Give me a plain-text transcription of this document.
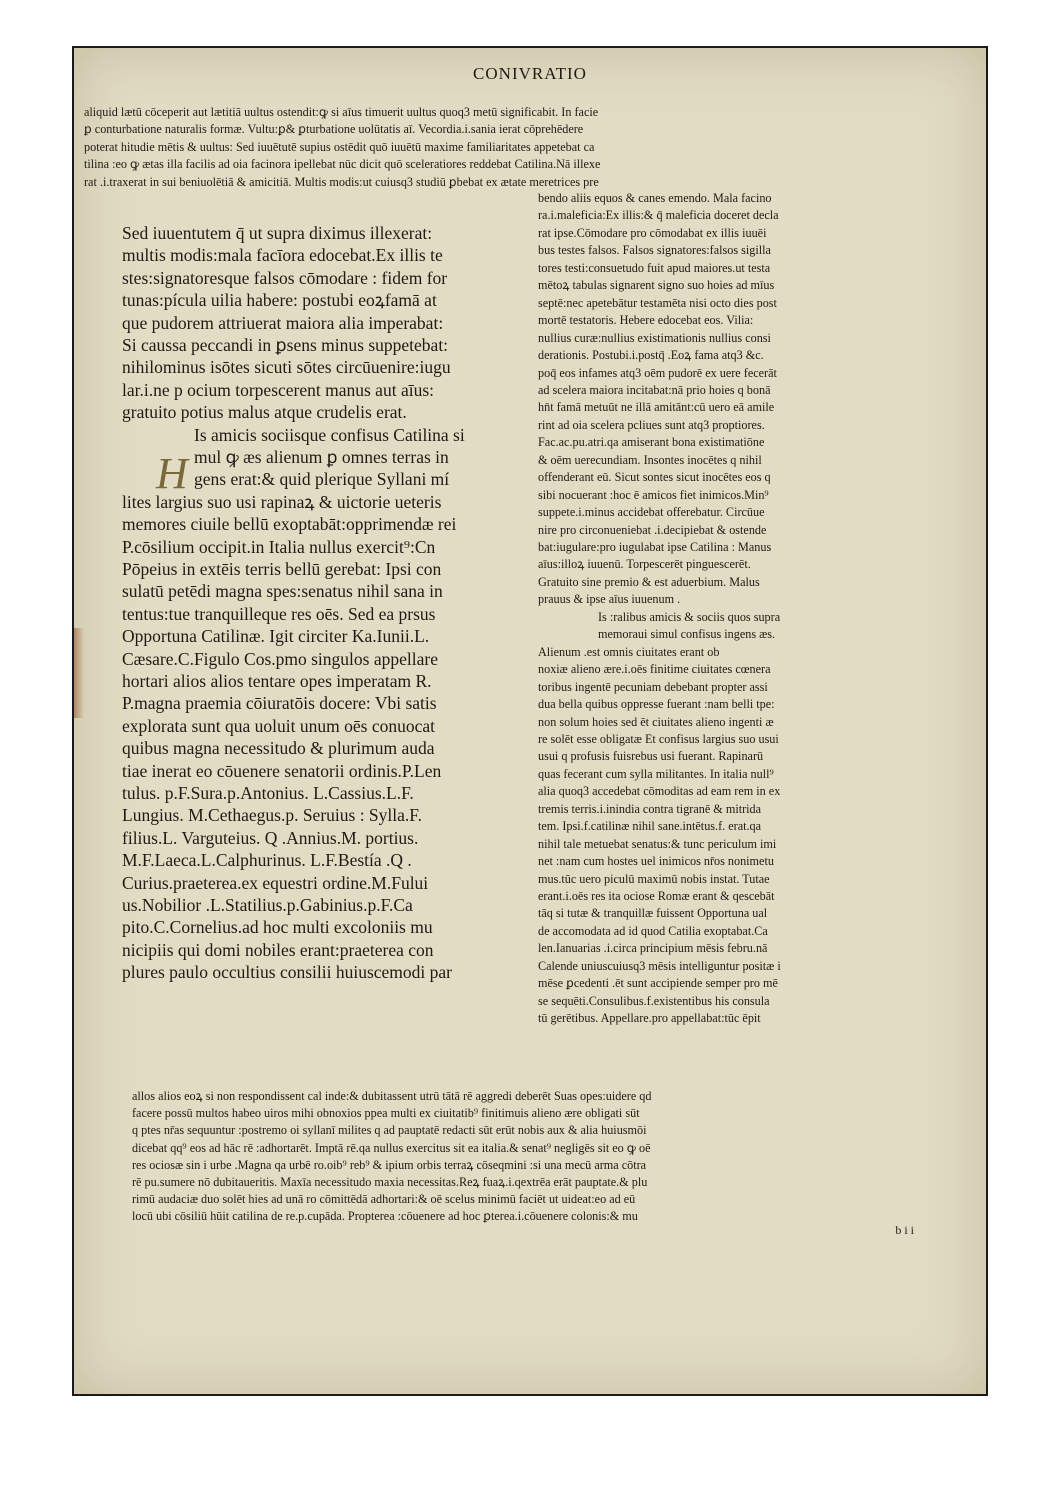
CONIVRATIO
H
aliquid lætū cōceperit aut lætitiā uultus ostendit:ꝙ si aīus timuerit uultus quoq3 metū significabit. In facie
ꝑ conturbatione naturalis formæ. Vultu:ꝑ& ꝑturbatione uolūtatis aī. Vecordia.i.sania ierat cōprehēdere
poterat hitudie mētis & uultus: Sed iuuētutē supius ostēdit quō iuuētū maxime familiaritates appetebat ca
tilina :eo ꝙ ætas illa facilis ad oia facinora ipellebat nūc dicit quō sceleratiores reddebat Catilina.Nā illexe
rat .i.traxerat in sui beniuolētiā & amicitiā. Multis modis:ut cuiusq3 studiū ꝑbebat ex ætate meretrices pre
Sed iuuentutem q̄ ut supra diximus illexerat:
multis modis:mala facīora edocebat.Ex illis te
stes:signatoresque falsos cōmodare : fidem for
tunas:pícula uilia habere: postubi eoꝝfamā at
que pudorem attriuerat maiora alia imperabat:
Si caussa peccandi in ꝑsens minus suppetebat:
nihilominus isōtes sicuti sōtes circūuenire:iugu
lar.i.ne p ocium torpescerent manus aut aīus:
gratuito potius malus atque crudelis erat.
Is amicis sociisque confisus Catilina si
mul ꝙ æs alienum ꝑ omnes terras in
gens erat:& quid plerique Syllani mí
lites largius suo usi rapinaꝝ & uictorie ueteris
memores ciuile bellū exoptabāt:opprimendæ rei
P.cōsilium occipit.in Italia nullus exercit⁹:Cn
Pōpeius in extēis terris bellū gerebat: Ipsi con
sulatū petēdi magna spes:senatus nihil sana in
tentus:tue tranquilleque res oēs. Sed ea prsus
Opportuna Catilinæ. Igit circiter Ka.Iunii.L.
Cæsare.C.Figulo Cos.pmo singulos appellare
hortari alios alios tentare opes imperatam R.
P.magna praemia cōiuratōis docere: Vbi satis
explorata sunt qua uoluit unum oēs conuocat
quibus magna necessitudo & plurimum auda
tiae inerat eo cōuenere senatorii ordinis.P.Len
tulus. p.F.Sura.p.Antonius. L.Cassius.L.F.
Lungius. M.Cethaegus.p. Seruius : Sylla.F.
filius.L. Varguteius. Q .Annius.M. portius.
M.F.Laeca.L.Calphurinus. L.F.Bestía .Q .
Curius.praeterea.ex equestri ordine.M.Fului
us.Nobilior .L.Statilius.p.Gabinius.p.F.Ca
pito.C.Cornelius.ad hoc multi excoloniis mu
nicipiis qui domi nobiles erant:praeterea con
plures paulo occultius consilii huiuscemodi par
bendo aliis equos & canes emendo. Mala facino
ra.i.maleficia:Ex illis:& q̄ maleficia doceret decla
rat ipse.Cōmodare pro cōmodabat ex illis iuuēi
bus testes falsos. Falsos signatores:falsos sigilla
tores testi:consuetudo fuit apud maiores.ut testa
mētoꝝ tabulas signarent signo suo hoies ad mīus
septē:nec apetebātur testamēta nisi octo dies post
mortē testatoris. Hebere edocebat eos. Vilia:
nullius curæ:nullius existimationis nullius consi
derationis. Postubi.i.postq̄ .Eoꝝ fama atq3 &c.
poq̄ eos infames atq3 oēm pudorē ex uere fecerāt
ad scelera maiora incitabat:nā prio hoies q bonā
hn̄t famā metuūt ne illā amitānt:cū uero eā amile
rint ad oia scelera pcliues sunt atq3 proptiores.
Fac.ac.pu.atri.qa amiserant bona existimatiōne
& oēm uerecundiam. Insontes inocētes q nihil
offenderant eū. Sicut sontes sicut inocētes eos q
sibi nocuerant :hoc ē amicos fiet inimicos.Min⁹
suppete.i.minus accidebat offerebatur. Circūue
nire pro circonueniebat .i.decipiebat & ostende
bat:iugulare:pro iugulabat ipse Catilina : Manus
aīus:illoꝝ iuuenū. Torpescerēt pinguescerēt.
Gratuito sine premio & est aduerbium. Malus
prauus & ipse aīus iuuenum .
Is :ralibus amicis & sociis quos supra
memoraui simul confisus ingens æs.
Alienum .est omnis ciuitates erant ob
noxiæ alieno ære.i.oēs finitime ciuitates cœnera
toribus ingentē pecuniam debebant propter assi
dua bella quibus oppresse fuerant :nam belli tpe:
non solum hoies sed ēt ciuitates alieno ingenti æ
re solēt esse obligatæ Et confisus largius suo usui
usui q profusis fuisrebus usi fuerant. Rapinarū
quas fecerant cum sylla militantes. In italia null⁹
alia quoq3 accedebat cōmoditas ad eam rem in ex
tremis terris.i.inindia contra tigranē & mitrida
tem. Ipsi.f.catilinæ nihil sane.intētus.f. erat.qa
nihil tale metuebat senatus:& tunc periculum imi
net :nam cum hostes uel inimicos nr̄os nonimetu
mus.tūc uero piculū maximū nobis instat. Tutae
erant.i.oēs res ita ociose Romæ erant & qescebāt
tāq si tutæ & tranquillæ fuissent Opportuna ual
de accomodata ad id quod Catilia exoptabat.Ca
len.Ianuarias .i.circa principium mēsis febru.nā
Calende uniuscuiusq3 mēsis intelliguntur positæ i
mēse ꝑcedenti .ēt sunt accipiende semper pro mē
se sequēti.Consulibus.f.existentibus his consula
tū gerētibus. Appellare.pro appellabat:tūc ēpit
allos alios eoꝝ si non respondissent cal inde:& dubitassent utrū tātā rē aggredi deberēt Suas opes:uidere qd
facere possū multos habeo uiros mihi obnoxios ppea multi ex ciuitatib⁹ finitimuis alieno ære obligati sūt
q ptes nr̄as sequuntur :postremo oi syllanī milites q ad pauptatē redacti sūt erūt nobis aux & alia huiusmōi
dicebat qq⁹ eos ad hāc rē :adhortarēt. Imptā rē.qa nullus exercitus sit ea italia.& senat⁹ negligēs sit eo ꝙ oē
res ociosæ sin i urbe .Magna qa urbē ro.oib⁹ reb⁹ & ipium orbis terraꝝ cōseqmini :si una mecū arma cōtra
rē pu.sumere nō dubitaueritis. Maxīa necessitudo maxia necessitas.Reꝝ fuaꝝ.i.qextrēa erāt pauptate.& plu
rimū audaciæ duo solēt hies ad unā ro cōmittēdā adhortari:& oē scelus minimū faciēt ut uideat:eo ad eū
locū ubi cōsiliū hūit catilina de re.p.cupāda. Propterea :cōuenere ad hoc ꝑterea.i.cōuenere colonis:& mu
b i i
